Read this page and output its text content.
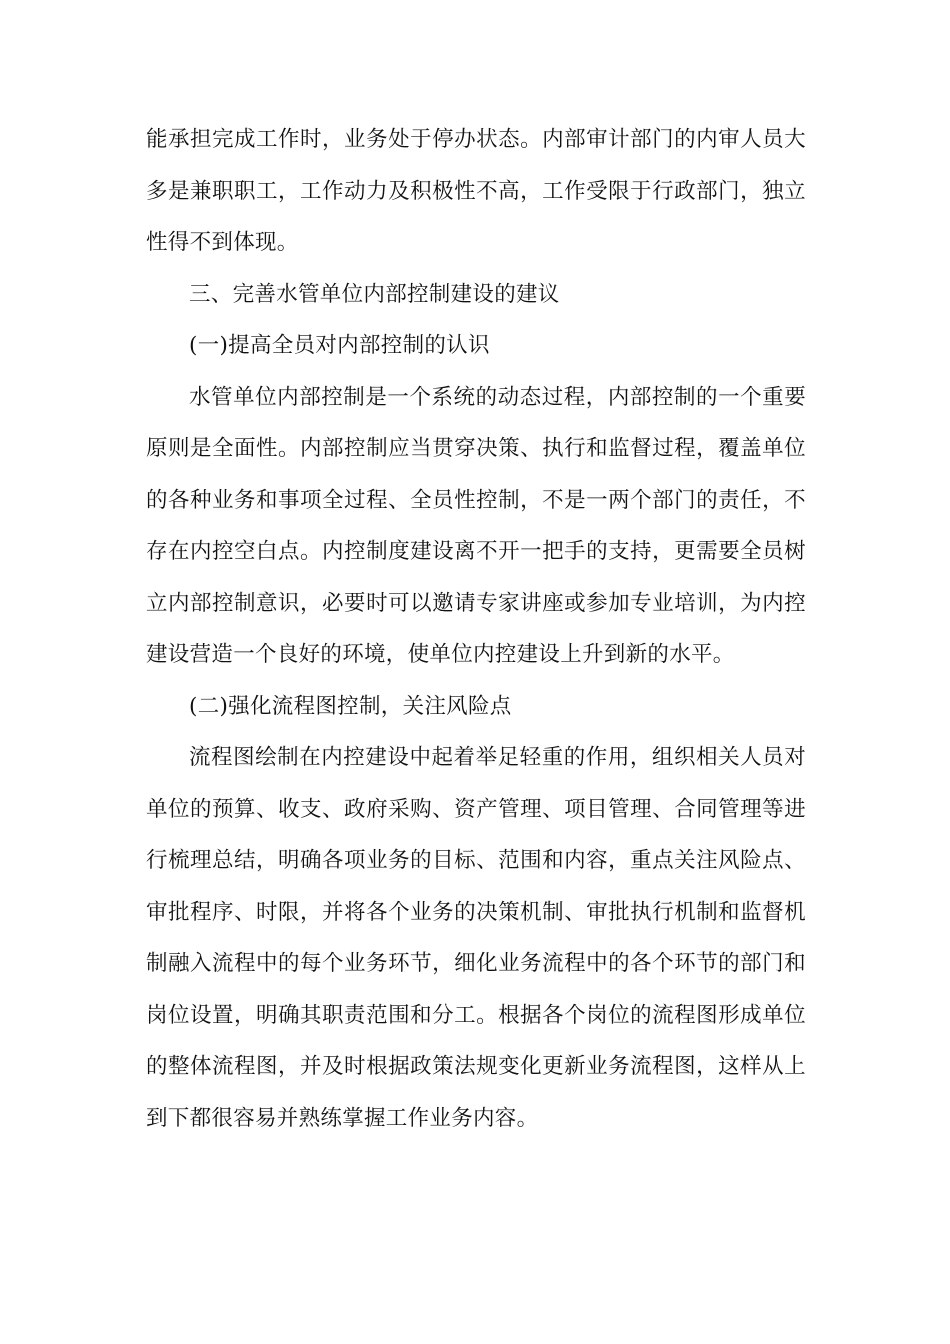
能承担完成工作时，业务处于停办状态。内部审计部门的内审人员大多是兼职职工，工作动力及积极性不高，工作受限于行政部门，独立性得不到体现。

三、完善水管单位内部控制建设的建议

(一)提高全员对内部控制的认识

水管单位内部控制是一个系统的动态过程，内部控制的一个重要原则是全面性。内部控制应当贯穿决策、执行和监督过程，覆盖单位的各种业务和事项全过程、全员性控制，不是一两个部门的责任，不存在内控空白点。内控制度建设离不开一把手的支持，更需要全员树立内部控制意识，必要时可以邀请专家讲座或参加专业培训，为内控建设营造一个良好的环境，使单位内控建设上升到新的水平。

(二)强化流程图控制，关注风险点

流程图绘制在内控建设中起着举足轻重的作用，组织相关人员对单位的预算、收支、政府采购、资产管理、项目管理、合同管理等进行梳理总结，明确各项业务的目标、范围和内容，重点关注风险点、审批程序、时限，并将各个业务的决策机制、审批执行机制和监督机制融入流程中的每个业务环节，细化业务流程中的各个环节的部门和岗位设置，明确其职责范围和分工。根据各个岗位的流程图形成单位的整体流程图，并及时根据政策法规变化更新业务流程图，这样从上到下都很容易并熟练掌握工作业务内容。
